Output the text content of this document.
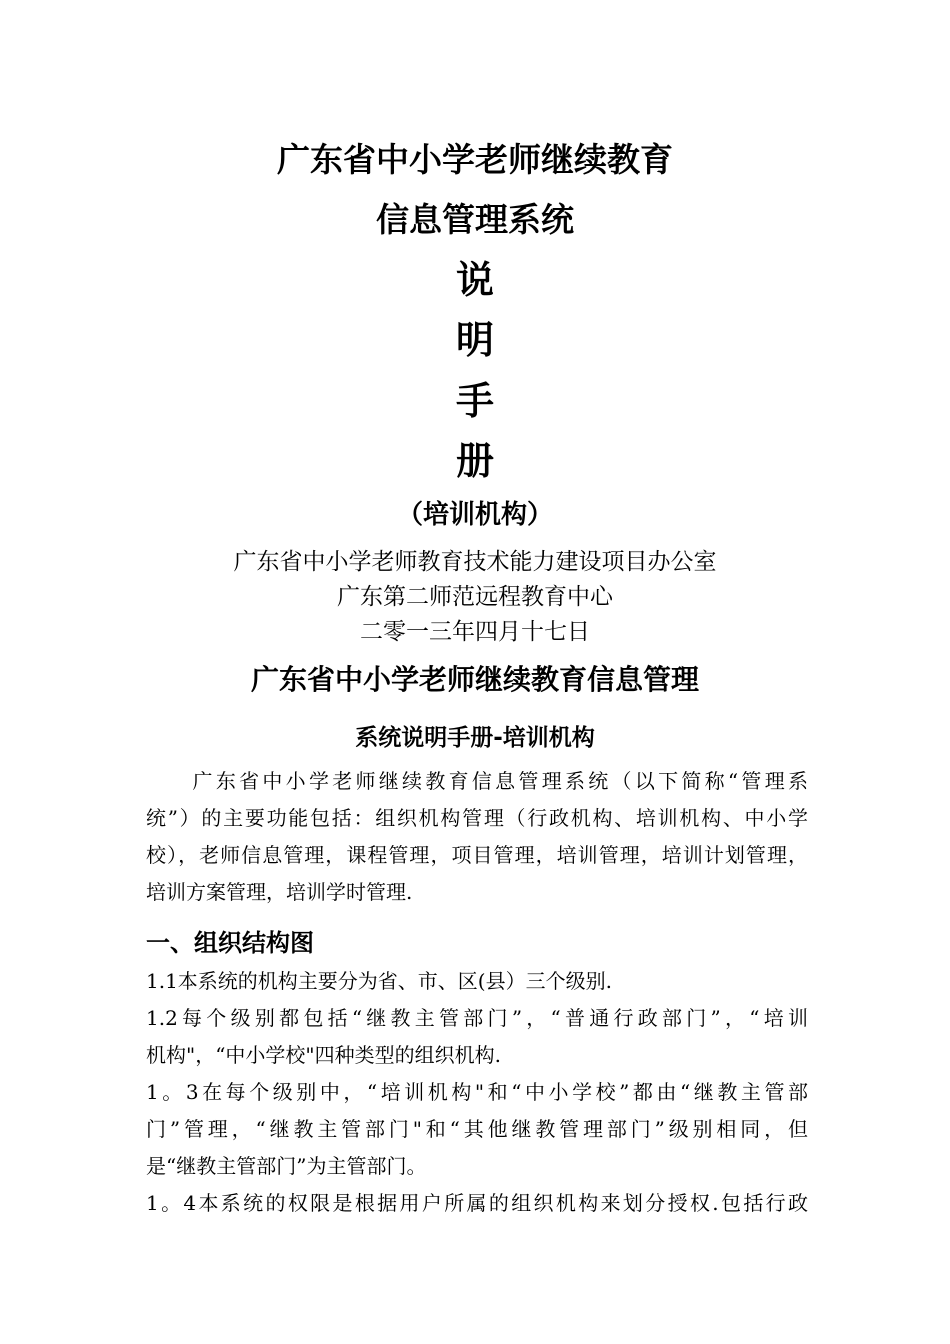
广东省中小学老师继续教育
信息管理系统
说
明
手
册
（培训机构）
广东省中小学老师教育技术能力建设项目办公室
广东第二师范远程教育中心
二零一三年四月十七日
广东省中小学老师继续教育信息管理
系统说明手册-培训机构
　　广东省中小学老师继续教育信息管理系统（以下简称“管理系
统”）的主要功能包括：组织机构管理（行政机构、培训机构、中小学
校），老师信息管理，课程管理，项目管理，培训管理，培训计划管理，
培训方案管理，培训学时管理.
一、组织结构图
1.1本系统的机构主要分为省、市、区(县）三个级别.
1.2每个级别都包括“继教主管部门”，“普通行政部门”，“培训
机构"，“中小学校"四种类型的组织机构.
1。3在每个级别中，“培训机构"和“中小学校”都由“继教主管部
门”管理，“继教主管部门"和“其他继教管理部门”级别相同，但
是“继教主管部门”为主管部门。
1。4本系统的权限是根据用户所属的组织机构来划分授权.包括行政
